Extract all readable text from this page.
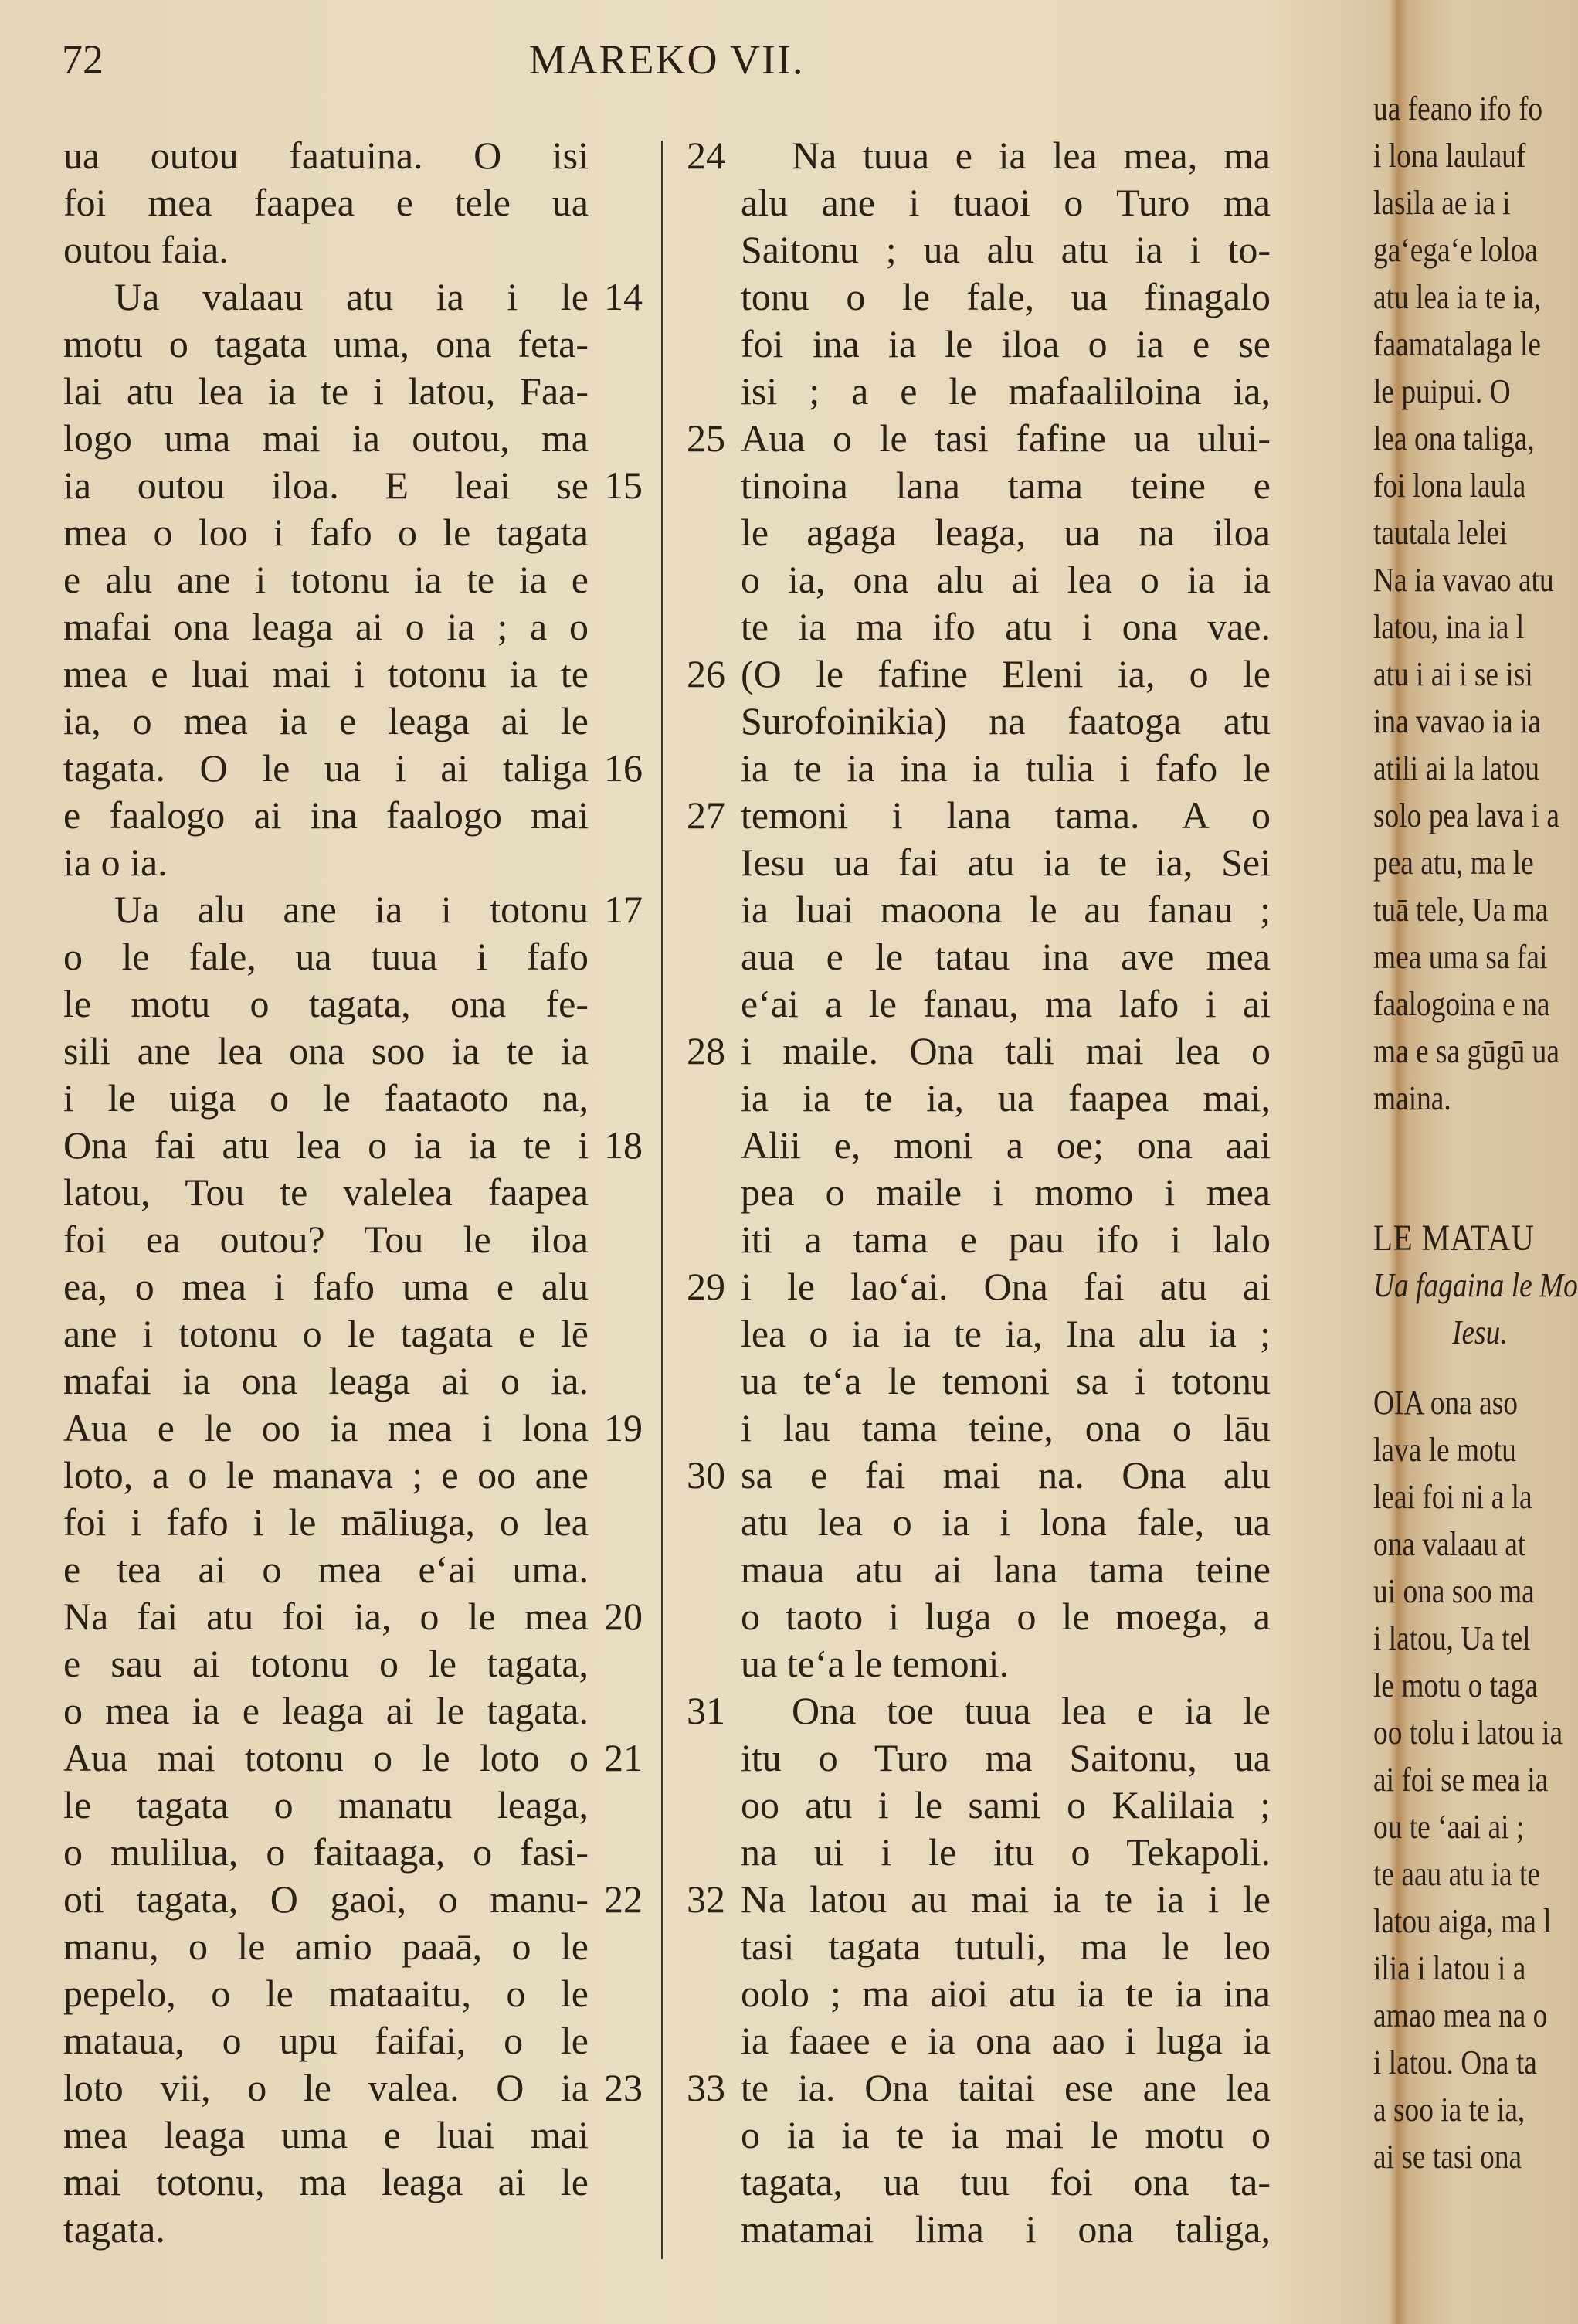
72	MAREKO VII.
ua outou faatuina. O isi
foi mea faapea e tele ua
outou faia.
Ua valaau atu ia i le 14
motu o tagata uma, ona feta-
lai atu lea ia te i latou, Faa-
logo uma mai ia outou, ma
ia outou iloa. E leai se 15
mea o loo i fafo o le tagata
e alu ane i totonu ia te ia e
mafai ona leaga ai o ia ; a o
mea e luai mai i totonu ia te
ia, o mea ia e leaga ai le
tagata. O le ua i ai taliga 16
e faalogo ai ina faalogo mai
ia o ia.
Ua alu ane ia i totonu 17
o le fale, ua tuua i fafo
le motu o tagata, ona fe-
sili ane lea ona soo ia te ia
i le uiga o le faataoto na,
Ona fai atu lea o ia ia te i 18
latou, Tou te valelea faapea
foi ea outou? Tou le iloa
ea, o mea i fafo uma e alu
ane i totonu o le tagata e lē
mafai ia ona leaga ai o ia.
Aua e le oo ia mea i lona 19
loto, a o le manava ; e oo ane
foi i fafo i le māliuga, o lea
e tea ai o mea e‘ai uma.
Na fai atu foi ia, o le mea 20
e sau ai totonu o le tagata,
o mea ia e leaga ai le tagata.
Aua mai totonu o le loto o 21
le tagata o manatu leaga,
o mulilua, o faitaaga, o fasi-
oti tagata, O gaoi, o manu- 22
manu, o le amio paaā, o le
pepelo, o le mataaitu, o le
mataua, o upu faifai, o le
loto vii, o le valea. O ia 23
mea leaga uma e luai mai
mai totonu, ma leaga ai le
tagata.
Na tuua e ia lea mea, ma
24
alu ane i tuaoi o Turo ma
Saitonu ; ua alu atu ia i to-
tonu o le fale, ua finagalo
foi ina ia le iloa o ia e se
isi ; a e le mafaaliloina ia,
Aua o le tasi fafine ua ului-
25
tinoina lana tama teine e
le agaga leaga, ua na iloa
o ia, ona alu ai lea o ia ia
te ia ma ifo atu i ona vae.
(O le fafine Eleni ia, o le
26
Surofoinikia) na faatoga atu
ia te ia ina ia tulia i fafo le
temoni i lana tama. A o
27
Iesu ua fai atu ia te ia, Sei
ia luai maoona le au fanau ;
aua e le tatau ina ave mea
e‘ai a le fanau, ma lafo i ai
i maile. Ona tali mai lea o
28
ia ia te ia, ua faapea mai,
Alii e, moni a oe; ona aai
pea o maile i momo i mea
iti a tama e pau ifo i lalo
i le lao‘ai. Ona fai atu ai
29
lea o ia ia te ia, Ina alu ia ;
ua te‘a le temoni sa i totonu
i lau tama teine, ona o lāu
sa e fai mai na. Ona alu
30
atu lea o ia i lona fale, ua
maua atu ai lana tama teine
o taoto i luga o le moega, a
ua te‘a le temoni.
Ona toe tuua lea e ia le
31
itu o Turo ma Saitonu, ua
oo atu i le sami o Kalilaia ;
na ui i le itu o Tekapoli.
Na latou au mai ia te ia i le
32
tasi tagata tutuli, ma le leo
oolo ; ma aioi atu ia te ia ina
ia faaee e ia ona aao i luga ia
te ia. Ona taitai ese ane lea
33
o ia ia te ia mai le motu o
tagata, ua tuu foi ona ta-
matamai lima i ona taliga,
ua feano ifo fo
i lona laulauf
lasila ae ia i
ga‘ega‘e loloa
atu lea ia te ia,
faamatalaga le
le puipui. O
lea ona taliga,
foi lona laula
tautala lelei
Na ia vavao atu
latou, ina ia l
atu i ai i se isi
ina vavao ia ia
atili ai la latou
solo pea lava i a
pea atu, ma le
tuā tele, Ua ma
mea uma sa fai
faalogoina e na
ma e sa gūgū ua
maina.
LE MATAU
Ua fagaina le Mo
Iesu.
OIA ona aso
lava le motu
leai foi ni a la
ona valaau at
ui ona soo ma
i latou, Ua tel
le motu o taga
oo tolu i latou ia
ai foi se mea ia
ou te ‘aai ai ;
te aau atu ia te
latou aiga, ma l
ilia i latou i a
amao mea na o
i latou. Ona ta
a soo ia te ia,
ai se tasi ona
